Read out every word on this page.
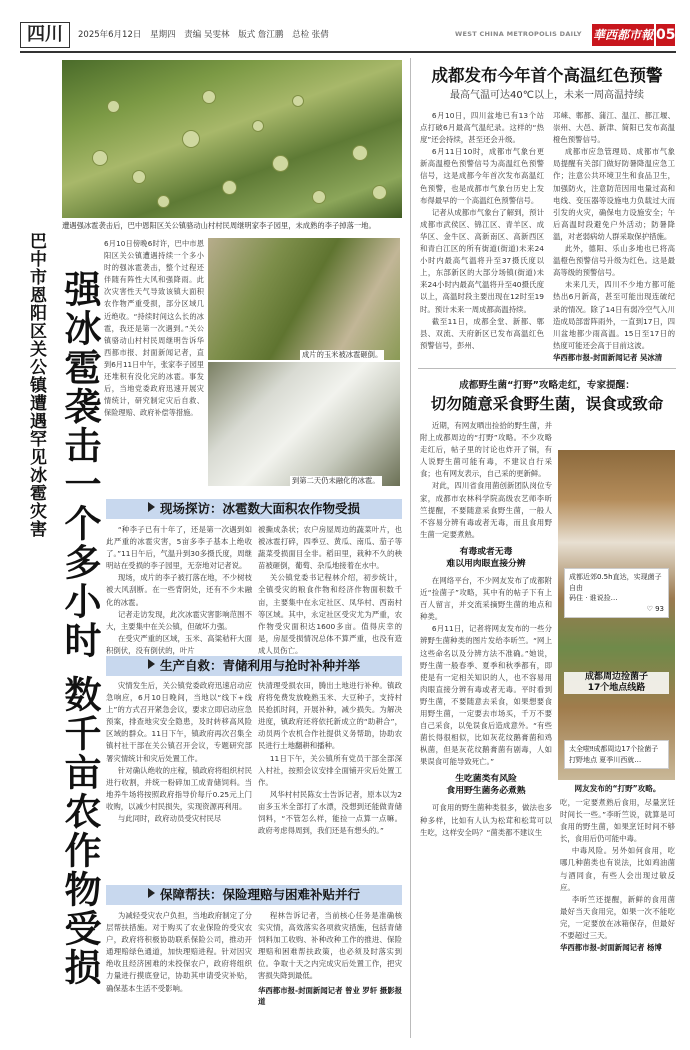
四川	2025年6月12日 星期四 责编 吴雯林 版式 詹江鹏 总检 张倩	WEST CHINA METROPOLIS DAILY 華西都市報 05
遭遇强冰雹袭击后，巴中恩阳区关公镇骆动山村村民周继明家李子园里，未成熟的李子掉落一地。
巴中市恩阳区关公镇遭遇罕见冰雹灾害 强冰雹袭击一个多小时 数千亩农作物受损

6月10日傍晚6时许，巴中市恩阳区关公镇遭遇持续一个多小时的强冰雹袭击，整个过程还伴随有阵性大风和强降雨。此次灾害性天气导致该镇大面积农作物严重受损，部分区域几近绝收。“持续时间这么长的冰雹，我还是第一次遇到。”关公镇骆动山村村民周继明告诉华西都市报、封面新闻记者，直到6月11日中午，张家李子园里还堆积有没化完的冰雹。事发后，当地党委政府迅速开展灾情统计，研究制定灾后自救、保险理赔、政府补偿等措施。

成片的玉米被冰雹砸倒。
到第二天仍未融化的冰雹。
现场探访：冰雹数大面积农作物受损

“种李子已有十年了，还是第一次遇到如此严重的冰雹灾害，5亩多李子基本上绝收了。”11日午后，气温升到30多摄氏度，周继明站在受损的李子园里，无奈地对记者说。

现场，成片的李子被打落在地，不少树枝被大风刮断。在一些背阴处，还有不少未融化的冰雹。

记者走访发现，此次冰雹灾害影响范围不大，主要集中在关公镇，但破坏力强。

在受灾严重的区域，玉米、高粱秸秆大面积倒伏，没有倒伏的，叶片

被撕成条状；农户房屋周边的蔬菜叶片，也被冰雹打碎，四季豆、黄瓜、南瓜、茄子等蔬菜受损面目全非。稻田里，栽种不久的秧苗被砸倒，葡萄、杂瓜地接着在水中。

关公镇党委书记程林介绍，初步统计，全镇受灾的粮食作物和经济作物面积数千亩，主要集中在永定社区、凤华村、西南村等区域。其中，永定社区受灾尤为严重，农作物受灾面积达1600多亩。值得庆幸的是，房屋受损情况总体不算严重，也没有造成人员伤亡。

生产自救：青储利用与抢时补种并举

灾情发生后，关公镇党委政府迅速启动应急响应，6月10日晚间，当地以“线下+线上”的方式召开紧急会议，要求立即启动应急预案，排查地灾安全隐患，及时转移高风险区域的群众。11日下午，镇政府再次召集全镇村社干部在关公镇召开会议，专题研究部署灾情统计和灾后处置工作。

针对确认绝收的庄稼，镇政府将组织村民进行收割，并统一粉碎加工成青储饲料。当地养牛场将按照政府指导价每斤0.25元上门收购，以减少村民损失，实现资源再利用。

与此同时，政府动员受灾村民尽

快清理受损农田，腾出土地进行补种。镇政府将免费发放晚熟玉米、大豆种子，支持村民抢抓时间，开展补种，减少损失。为解决进度，镇政府还将依托新成立的“助耕合”，动员两个农机合作社提供义务帮助，协助农民进行土地翻耕和播种。

11日下午，关公镇所有党员干部全部深入村社，按照会议安排全面铺开灾后处置工作。

风华村村民陈女士告诉记者，原本以为2亩多玉米全部打了水漂，没想到还能做青储饲料，“不管怎么样，能捡一点算一点嘛。政府考虑得周到，我们还是有想头的。”

保障帮扶：保险理赔与困难补贴并行

为减轻受灾农户负担，当地政府制定了分层帮扶措施。对于购买了农业保险的受灾农户，政府将积极协助联系保险公司，推动开通理赔绿色通道，加快理赔进程。针对因灾绝收且经济困难的未投保农户，政府将组织力量进行摸底登记，协助其申请受灾补贴，确保基本生活不受影响。

程林告诉记者，当前核心任务是准确核实灾情，高效落实各项救灾措施，包括青储饲料加工收购、补种改种工作的推进、保险理赔和困难帮扶政策，也必须及时落实到位。争取十天之内完成灾后处置工作，把灾害损失降到最低。

华西都市报-封面新闻记者 曾业 罗轩 摄影报道

成都发布今年首个高温红色预警
最高气温可达40℃以上，未来一周高温持续

6月10日，四川盆地已有13个站点打破6月最高气温纪录。这样的“热度”还会持续，甚至还会升级。

6月11日10时，成都市气象台更新高温橙色预警信号为高温红色预警信号，这是成都今年首次发布高温红色预警，也是成都市气象台历史上发布得最早的一个高温红色预警信号。

记者从成都市气象台了解到，预计成都市武侯区、锦江区、青羊区、成华区、金牛区、高新南区、高新西区和青白江区的所有街道(街道)未来24小时内最高气温将升至37摄氏度以上，东部新区的大部分场镇(街道)未来24小时内最高气温将升至40摄氏度以上，高温时段主要出现在12时至19时。预计未来一周成都高温持续。

截至11日，成都全堂、新都、郫县、双流、天府新区已发布高温红色预警信号，彭州、

邛崃、郫都、蒲江、温江、都江堰、崇州、大邑、新津、简阳已发布高温橙色预警信号。

成都市应急管理局、成都市气象局提醒有关部门做好防暑降温应急工作；注意公共环境卫生和食品卫生，加强防火，注意防范因用电量过高和电线、变压器等设施电力负载过大而引发的火灾，确保电力设施安全；午后高温时段避免户外活动；防暑降温，对老弱病幼人群采取保护措施。

此外，德阳、乐山多地也已将高温橙色预警信号升级为红色。这是最高等级的预警信号。

未来几天，四川不少地方都可能热出6月新高，甚至可能出现连破纪录的情况。除了14日有弱冷空气入川造成局部雷阵雨外，一直到17日，四川盆地都少雨高温。15日至17日的热度可能还会高于目前这波。

华西都市报-封面新闻记者 吴冰清

成都野生菌“打野”攻略走红，专家提醒：
切勿随意采食野生菌，误食或致命

近期，有网友晒出捡拾的野生菌，并附上成都周边的“打野”攻略。不少攻略走红后，帖子里的讨论也炸开了锅，有人说野生菌可能有毒，不建议自行采食；也有网友表示，自己采的更新鲜。

对此，四川省食用菌创新团队岗位专家，成都市农林科学院高级农艺师李昕竺提醒，不要随意采食野生菌，一般人不容易分辨有毒或者无毒，而且食用野生菌一定要煮熟。

有毒或者无毒
难以用肉眼直接分辨

在网络平台，不少网友发布了成都附近“捡菌子”攻略，其中有的帖子下有上百人留言，并交流采摘野生菌的地点和种类。

6月11日，记者将网友发布的一些分辨野生菌种类的图片发给李昕竺。“网上这些命名以及分辨方法不准确。”她说，野生菌一般春季、夏季和秋季都有，即使是有一定相关知识的人，也不容易用肉眼直接分辨有毒或者无毒。平时看到野生菌，不要随意去采食，如果想要食用野生菌，一定要去市场买，千万不要自己采食，以免误食后造成意外。“有些菌长得很相似，比如灰花纹鹅膏菌和鸡枞菌，但是灰花纹鹅膏菌有剧毒，人如果误食可能导致死亡。”

生吃菌类有风险
食用野生菌务必煮熟

可食用的野生菌种类很多，做法也多种多样，比如有人认为松茸和松茸可以生吃，这样安全吗？“菌类都不建议生

成都近郊0.5h直达，实现菌子自由
码住 · 谁说捡…
♡ 93
成都周边捡菌子
17个地点线路
太全啦‼成都周边17个捡菌子打野地点 夏季川西就…
网友发布的“打野”攻略。

吃，一定要煮熟后食用，尽量烹饪时间长一些。”李昕竺说，就算是可食用的野生菌，如果烹饪时间不够长，食用后仍可能中毒。

中毒风险。另外如何食用，吃哪几种菌类也有说法，比如鸡油菌与酒同食，有些人会出现过敏反应。

李昕竺还提醒，新鲜的食用菌最好当天食用完，如果一次不能吃完，一定要放在冰箱保存，但最好不要超过三天。

华西都市报-封面新闻记者 杨博
